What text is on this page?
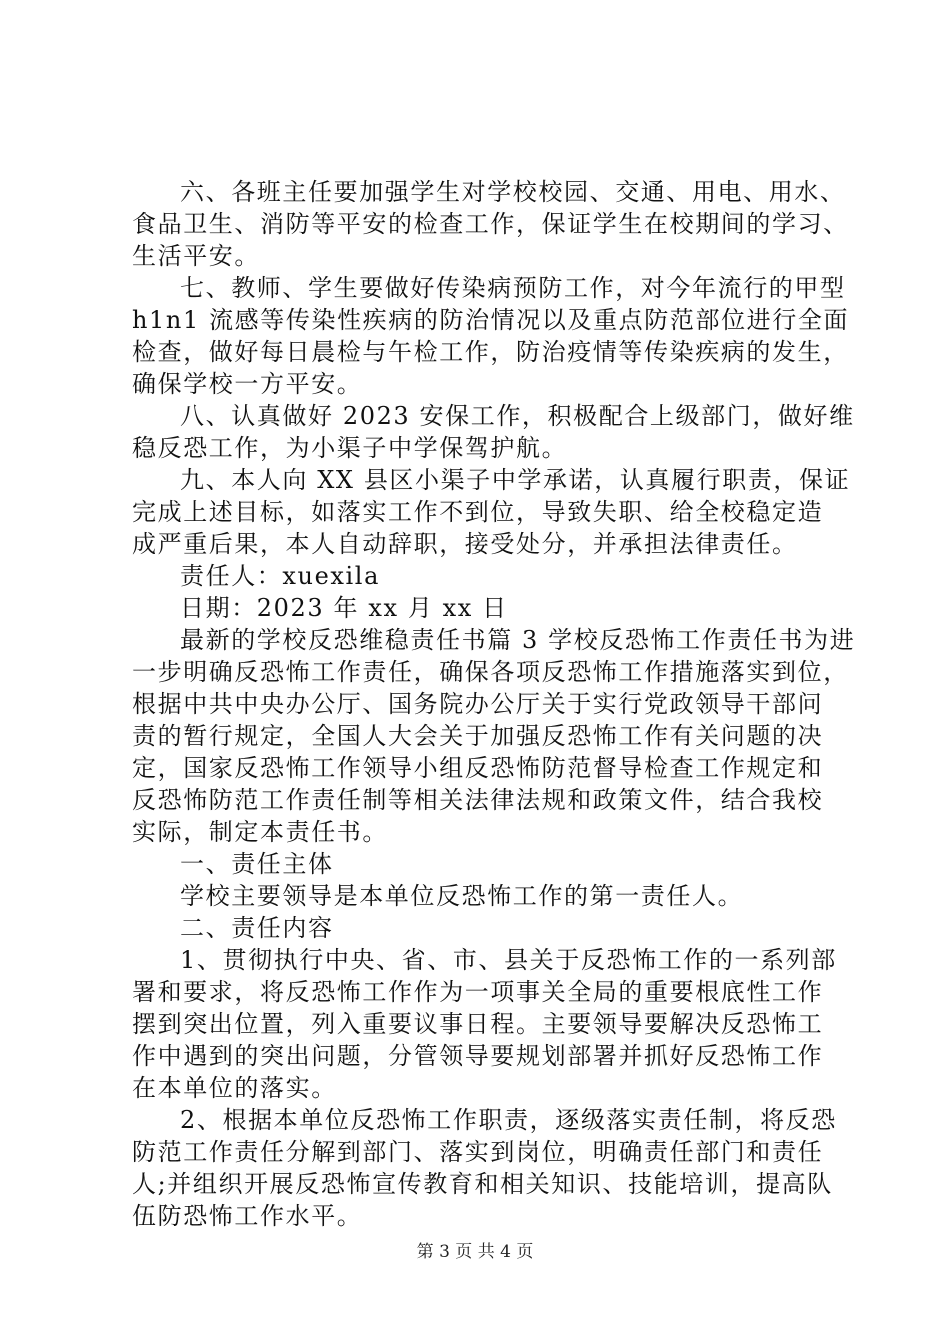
六、各班主任要加强学生对学校校园、交通、用电、用水、
食品卫生、消防等平安的检查工作，保证学生在校期间的学习、
生活平安。
七、教师、学生要做好传染病预防工作，对今年流行的甲型
h1n1 流感等传染性疾病的防治情况以及重点防范部位进行全面
检查，做好每日晨检与午检工作，防治疫情等传染疾病的发生，
确保学校一方平安。
八、认真做好 2023 安保工作，积极配合上级部门，做好维
稳反恐工作，为小渠子中学保驾护航。
九、本人向 XX 县区小渠子中学承诺，认真履行职责，保证
完成上述目标，如落实工作不到位，导致失职、给全校稳定造
成严重后果，本人自动辞职，接受处分，并承担法律责任。
责任人：xuexila
日期：2023 年 xx 月 xx 日
最新的学校反恐维稳责任书篇 3 学校反恐怖工作责任书为进
一步明确反恐怖工作责任，确保各项反恐怖工作措施落实到位，
根据中共中央办公厅、国务院办公厅关于实行党政领导干部问
责的暂行规定，全国人大会关于加强反恐怖工作有关问题的决
定，国家反恐怖工作领导小组反恐怖防范督导检查工作规定和
反恐怖防范工作责任制等相关法律法规和政策文件，结合我校
实际，制定本责任书。
一、责任主体
学校主要领导是本单位反恐怖工作的第一责任人。
二、责任内容
1、贯彻执行中央、省、市、县关于反恐怖工作的一系列部
署和要求，将反恐怖工作作为一项事关全局的重要根底性工作
摆到突出位置，列入重要议事日程。主要领导要解决反恐怖工
作中遇到的突出问题，分管领导要规划部署并抓好反恐怖工作
在本单位的落实。
2、根据本单位反恐怖工作职责，逐级落实责任制，将反恐
防范工作责任分解到部门、落实到岗位，明确责任部门和责任
人;并组织开展反恐怖宣传教育和相关知识、技能培训，提高队
伍防恐怖工作水平。
第 3 页 共 4 页
